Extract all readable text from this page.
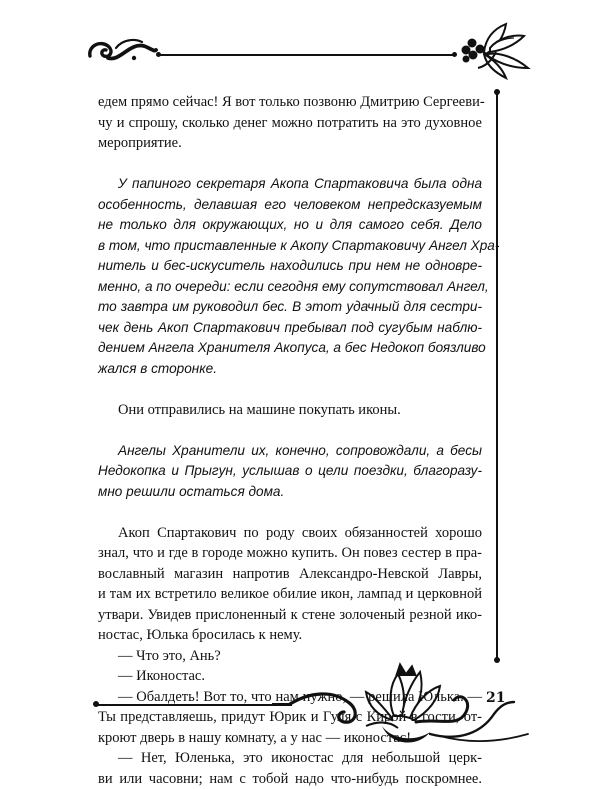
21
едем прямо сейчас! Я вот только позвоню Дмитрию Сергееви-
чу и спрошу, сколько денег можно потратить на это духовное
мероприятие.
У папиного секретаря Акопа Спартаковича была одна
особенность, делавшая его человеком непредсказуемым
не только для окружающих, но и для самого себя. Дело
в том, что приставленные к Акопу Спартаковичу Ангел Хра-
нитель и бес-искуситель находились при нем не одновре-
менно, а по очереди: если сегодня ему сопутствовал Ангел,
то завтра им руководил бес. В этот удачный для сестри-
чек день Акоп Спартакович пребывал под сугубым наблю-
дением Ангела Хранителя Акопуса, а бес Недокоп боязливо
жался в сторонке.
Они отправились на машине покупать иконы.
Ангелы Хранители их, конечно, сопровождали, а бесы
Недокопка и Прыгун, услышав о цели поездки, благоразу-
мно решили остаться дома.
Акоп Спартакович по роду своих обязанностей хорошо
знал, что и где в городе можно купить. Он повез сестер в пра-
вославный магазин напротив Александро-Невской Лавры,
и там их встретило великое обилие икон, лампад и церковной
утвари. Увидев прислоненный к стене золоченый резной ико-
ностас, Юлька бросилась к нему.
— Что это, Ань?
— Иконостас.
— Обалдеть! Вот то, что нам нужно, — решила Юлька. —
Ты представляешь, придут Юрик и Гуля с Кирой в гости, от-
кроют дверь в нашу комнату, а у нас — иконостас!
— Нет, Юленька, это иконостас для небольшой церк-
ви или часовни; нам с тобой надо что-нибудь поскромнее.
